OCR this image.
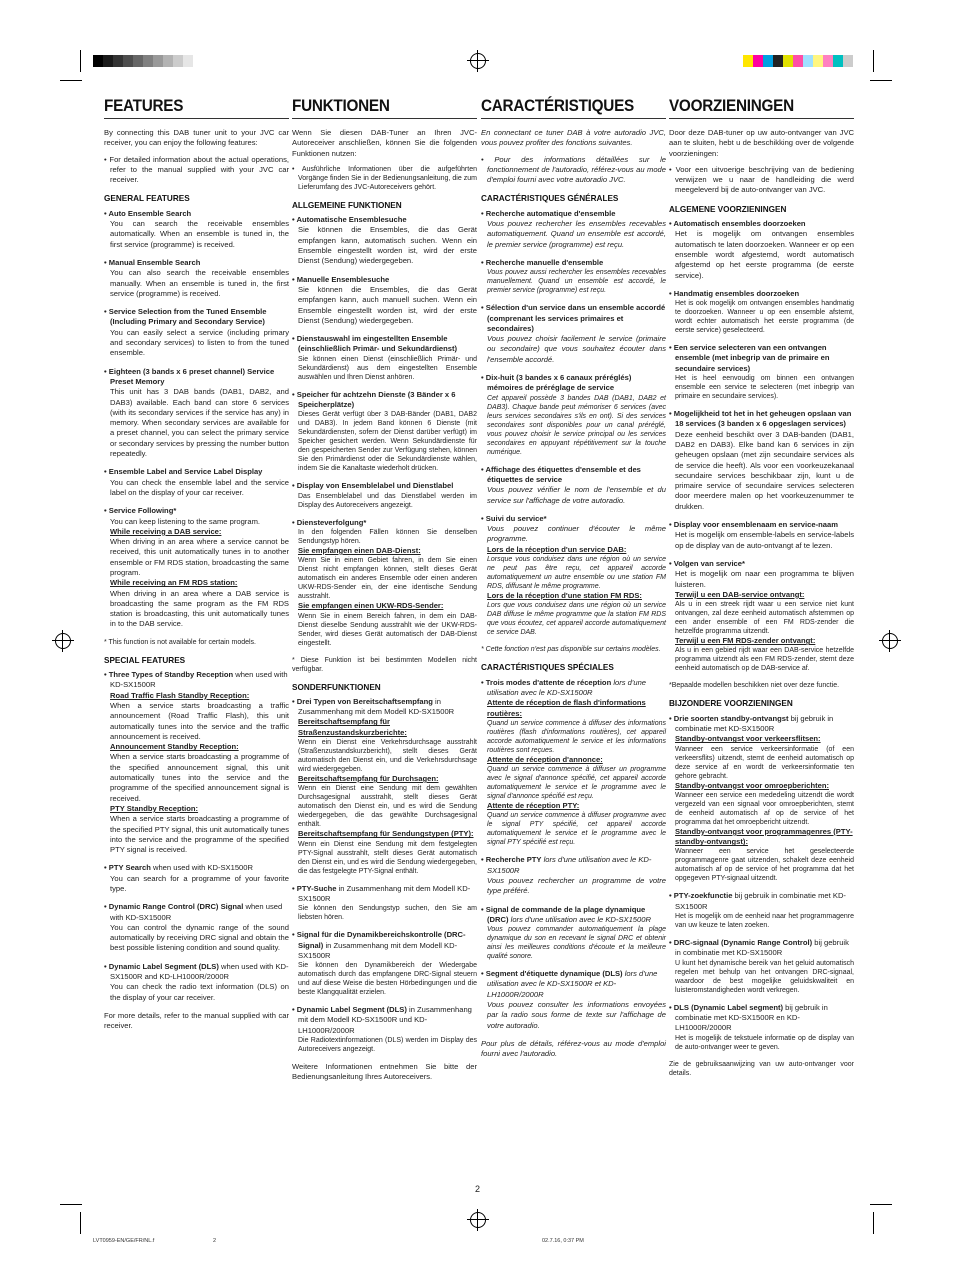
FEATURES

By connecting this DAB tuner unit to your JVC car receiver, you can enjoy the following features:

• For detailed information about the actual operations, refer to the manual supplied with your JVC car receiver.

GENERAL FEATURES
• Auto Ensemble Search
You can search the receivable ensembles automatically. When an ensemble is tuned in, the first service (programme) is received.
• Manual Ensemble Search
You can also search the receivable ensembles manually. When an ensemble is tuned in, the first service (programme) is received.
• Service Selection from the Tuned Ensemble (Including Primary and Secondary Service)
You can easily select a service (including primary and secondary services) to listen to from the tuned ensemble.
• Eighteen (3 bands x 6 preset channel) Service Preset Memory
This unit has 3 DAB bands (DAB1, DAB2, and DAB3) available. Each band can store 6 services (with its secondary services if the service has any) in memory. When secondary services are available for a preset channel, you can select the primary service or secondary services by pressing the number button repeatedly.
• Ensemble Label and Service Label Display
You can check the ensemble label and the service label on the display of your car receiver.
• Service Following*
You can keep listening to the same program.
While receiving a DAB service:
When driving in an area where a service cannot be received, this unit automatically tunes in to another ensemble or FM RDS station, broadcasting the same program.
While receiving an FM RDS station:
When driving in an area where a DAB service is broadcasting the same program as the FM RDS station is broadcasting, this unit automatically tunes in to the DAB service.

* This function is not available for certain models.

SPECIAL FEATURES
• Three Types of Standby Reception when used with KD-SX1500R
Road Traffic Flash Standby Reception:
When a service starts broadcasting a traffic announcement (Road Traffic Flash), this unit automatically tunes into the service and the traffic announcement is received.
Announcement Standby Reception:
When a service starts broadcasting a programme of the specified announcement signal, this unit automatically tunes into the service and the programme of the specified announcement signal is received.
PTY Standby Reception:
When a service starts broadcasting a programme of the specified PTY signal, this unit automatically tunes into the service and the programme of the specified PTY signal is received.
• PTY Search when used with KD-SX1500R
You can search for a programme of your favorite type.
• Dynamic Range Control (DRC) Signal when used with KD-SX1500R
You can control the dynamic range of the sound automatically by receiving DRC signal and obtain the best possible listening condition and sound quality.
• Dynamic Label Segment (DLS) when used with KD-SX1500R and KD-LH1000R/2000R
You can check the radio text information (DLS) on the display of your car receiver.

For more details, refer to the manual supplied with car receiver.

FUNKTIONEN

Wenn Sie diesen DAB-Tuner an Ihren JVC-Autoreceiver anschließen, können Sie die folgenden Funktionen nutzen:

• Ausführliche Informationen über die aufgeführten Vorgänge finden Sie in der Bedienungsanleitung, die zum Lieferumfang des JVC-Autoreceivers gehört.

ALLGEMEINE FUNKTIONEN
• Automatische Ensemblesuche
Sie können die Ensembles, die das Gerät empfangen kann, automatisch suchen. Wenn ein Ensemble eingestellt worden ist, wird der erste Dienst (Sendung) wiedergegeben.
• Manuelle Ensemblesuche
Sie können die Ensembles, die das Gerät empfangen kann, auch manuell suchen. Wenn ein Ensemble eingestellt worden ist, wird der erste Dienst (Sendung) wiedergegeben.
• Dienstauswahl im eingestellten Ensemble (einschließlich Primär- und Sekundärdienst)
Sie können einen Dienst (einschließlich Primär- und Sekundärdienst) aus dem eingestellten Ensemble auswählen und Ihren Dienst anhören.
• Speicher für achtzehn Dienste (3 Bänder x 6 Speicherplätze)
Dieses Gerät verfügt über 3 DAB-Bänder (DAB1, DAB2 und DAB3). In jedem Band können 6 Dienste (mit Sekundärdiensten, sofern der Dienst darüber verfügt) im Speicher gesichert werden. Wenn Sekundärdienste für den gespeicherten Sender zur Verfügung stehen, können Sie den Primärdienst oder die Sekundärdienste wählen, indem Sie die Kanaltaste wiederholt drücken.
• Display von Ensemblelabel und Dienstlabel
Das Ensemblelabel und das Dienstlabel werden im Display des Autoreceivers angezeigt.
• Diensteverfolgung*
In den folgenden Fällen können Sie denselben Sendungstyp hören.
Sie empfangen einen DAB-Dienst:
Wenn Sie in einem Gebiet fahren, in dem Sie einen Dienst nicht empfangen können, stellt dieses Gerät automatisch ein anderes Ensemble oder einen anderen UKW-RDS-Sender ein, der eine identische Sendung ausstrahlt.
Sie empfangen einen UKW-RDS-Sender:
Wenn Sie in einem Bereich fahren, in dem ein DAB-Dienst dieselbe Sendung ausstrahlt wie der UKW-RDS-Sender, wird dieses Gerät automatisch der DAB-Dienst eingestellt.

* Diese Funktion ist bei bestimmten Modellen nicht verfügbar.

SONDERFUNKTIONEN
• Drei Typen von Bereitschaftsempfang in Zusammenhang mit dem Modell KD-SX1500R
Bereitschaftsempfang für Straßenzustandskurzberichte:
Wenn ein Dienst eine Verkehrsdurchsage ausstrahlt (Straßenzustandskurzbericht), stellt dieses Gerät automatisch den Dienst ein, und die Verkehrsdurchsage wird wiedergegeben.
Bereitschaftsempfang für Durchsagen:
Wenn ein Dienst eine Sendung mit dem gewählten Durchsagesignal ausstrahlt, stellt dieses Gerät automatisch den Dienst ein, und es wird die Sendung wiedergegeben, die das gewählte Durchsagesignal enthält.
Bereitschaftsempfang für Sendungstypen (PTY):
Wenn ein Dienst eine Sendung mit dem festgelegten PTY-Signal ausstrahlt, stellt dieses Gerät automatisch den Dienst ein, und es wird die Sendung wiedergegeben, die das festgelegte PTY-Signal enthält.
• PTY-Suche in Zusammenhang mit dem Modell KD-SX1500R
Sie können den Sendungstyp suchen, den Sie am liebsten hören.
• Signal für die Dynamikbereichskontrolle (DRC-Signal) in Zusammenhang mit dem Modell KD-SX1500R
Sie können den Dynamikbereich der Wiedergabe automatisch durch das empfangene DRC-Signal steuern und auf diese Weise die besten Hörbedingungen und die beste Klangqualität erzielen.
• Dynamic Label Segment (DLS) in Zusammenhang mit dem Modell KD-SX1500R und KD-LH1000R/2000R
Die Radiotextinformationen (DLS) werden im Display des Autoreceivers angezeigt.

Weitere Informationen entnehmen Sie bitte der Bedienungsanleitung Ihres Autoreceivers.

CARACTÉRISTIQUES

En connectant ce tuner DAB à votre autoradio JVC, vous pouvez profiter des fonctions suivantes.

• Pour des informations détaillées sur le fonctionnement de l'autoradio, référez-vous au mode d'emploi fourni avec votre autoradio JVC.

CARACTÉRISTIQUES GÉNÉRALES
• Recherche automatique d'ensemble
Vous pouvez rechercher les ensembles recevables automatiquement. Quand un ensemble est accordé, le premier service (programme) est reçu.
• Recherche manuelle d'ensemble
Vous pouvez aussi rechercher les ensembles recevables manuellement. Quand un ensemble est accordé, le premier service (programme) est reçu.
• Sélection d'un service dans un ensemble accordé (comprenant les services primaires et secondaires)
Vous pouvez choisir facilement le service (primaire ou secondaire) que vous souhaitez écouter dans l'ensemble accordé.
• Dix-huit (3 bandes x 6 canaux préréglés) mémoires de préréglage de service
Cet appareil possède 3 bandes DAB (DAB1, DAB2 et DAB3). Chaque bande peut mémoriser 6 services (avec leurs services secondaires s'ils en ont). Si des services secondaires sont disponibles pour un canal préréglé, vous pouvez choisir le service principal ou les services secondaires en appuyant répétitivement sur la touche numérique.
• Affichage des étiquettes d'ensemble et des étiquettes de service
Vous pouvez vérifier le nom de l'ensemble et du service sur l'affichage de votre autoradio.
• Suivi du service*
Vous pouvez continuer d'écouter le même programme.
Lors de la réception d'un service DAB:
Lorsque vous conduisez dans une région où un service ne peut pas être reçu, cet appareil accorde automatiquement un autre ensemble ou une station FM RDS, diffusant le même programme.
Lors de la réception d'une station FM RDS:
Lors que vous conduisez dans une région où un service DAB diffuse le même programme que la station FM RDS que vous écoutez, cet appareil accorde automatiquement ce service DAB.

* Cette fonction n'est pas disponible sur certains modèles.

CARACTÉRISTIQUES SPÉCIALES
• Trois modes d'attente de réception lors d'une utilisation avec le KD-SX1500R
Attente de réception de flash d'informations routières:
Quand un service commence à diffuser des informations routières (flash d'informations routières), cet appareil accorde automatiquement le service et les informations routières sont reçues.
Attente de réception d'annonce:
Quand un service commence à diffuser un programme avec le signal d'annonce spécifié, cet appareil accorde automatiquement le service et le programme avec le signal d'annonce spécifié est reçu.
Attente de réception PTY:
Quand un service commence à diffuser programme avec le signal PTY spécifié, cet appareil accorde automatiquement le service et le programme avec le signal PTY spécifié est reçu.
• Recherche PTY lors d'une utilisation avec le KD-SX1500R
Vous pouvez rechercher un programme de votre type préféré.
• Signal de commande de la plage dynamique (DRC) lors d'une utilisation avec le KD-SX1500R
Vous pouvez commander automatiquement la plage dynamique du son en recevant le signal DRC et obtenir ainsi les meilleures conditions d'écoute et la meilleure qualité sonore.
• Segment d'étiquette dynamique (DLS) lors d'une utilisation avec le KD-SX1500R et KD-LH1000R/2000R
Vous pouvez consulter les informations envoyées par la radio sous forme de texte sur l'affichage de votre autoradio.

Pour plus de détails, référez-vous au mode d'emploi fourni avec l'autoradio.

VOORZIENINGEN

Door deze DAB-tuner op uw auto-ontvanger van JVC aan te sluiten, hebt u de beschikking over de volgende voorzieningen:

• Voor een uitvoerige beschrijving van de bediening verwijzen we u naar de handleiding die werd meegeleverd bij de auto-ontvanger van JVC.

ALGEMENE VOORZIENINGEN
• Automatisch ensembles doorzoeken
Het is mogelijk om ontvangen ensembles automatisch te laten doorzoeken. Wanneer er op een ensemble wordt afgestemd, wordt automatisch afgestemd op het eerste programma (de eerste service).
• Handmatig ensembles doorzoeken
Het is ook mogelijk om ontvangen ensembles handmatig te doorzoeken. Wanneer u op een ensemble afstemt, wordt echter automatisch het eerste programma (de eerste service) geselecteerd.
• Een service selecteren van een ontvangen ensemble (met inbegrip van de primaire en secundaire services)
Het is heel eenvoudig om binnen een ontvangen ensemble een service te selecteren (met inbegrip van primaire en secundaire services).
• Mogelijkheid tot het in het geheugen opslaan van 18 services (3 banden x 6 opgeslagen services)
Deze eenheid beschikt over 3 DAB-banden (DAB1, DAB2 en DAB3). Elke band kan 6 services in zijn geheugen opslaan (met zijn secundaire services als de service die heeft). Als voor een voorkeuzekanaal secundaire services beschikbaar zijn, kunt u de primaire service of secundaire services selecteren door meerdere malen op het voorkeuzenummer te drukken.
• Display voor ensemblenaam en service-naam
Het is mogelijk om ensemble-labels en service-labels op de display van de auto-ontvangt af te lezen.
• Volgen van service*
Het is mogelijk om naar een programma te blijven luisteren.
Terwijl u een DAB-service ontvangt:
Als u in een streek rijdt waar u een service niet kunt ontvangen, zal deze eenheid automatisch afstemmen op een ander ensemble of een FM RDS-zender die hetzelfde programma uitzendt.
Terwijl u een FM RDS-zender ontvangt:
Als u in een gebied rijdt waar een DAB-service hetzelfde programma uitzendt als een FM RDS-zender, stemt deze eenheid automatisch op de DAB-service af.

*Bepaalde modellen beschikken niet over deze functie.

BIJZONDERE VOORZIENINGEN
• Drie soorten standby-ontvangst bij gebruik in combinatie met KD-SX1500R
Standby-ontvangst voor verkeersflitsen:
Wanneer een service verkeersinformatie (of een verkeersflits) uitzendt, stemt de eenheid automatisch op deze service af en wordt de verkeersinformatie ten gehore gebracht.
Standby-ontvangst voor omroepberichten:
Wanneer een service een mededeling uitzendt die wordt vergezeld van een signaal voor omroepberichten, stemt de eenheid automatisch af op de service of het programma dat het omroepbericht uitzendt.
Standby-ontvangst voor programmagenres (PTY-standby-ontvangst):
Wanneer een service het geselecteerde programmagenre gaat uitzenden, schakelt deze eenheid automatisch af op de service of het programma dat het opgegeven PTY-signaal uitzendt.
• PTY-zoekfunctie bij gebruik in combinatie met KD-SX1500R
Het is mogelijk om de eenheid naar het programmagenre van uw keuze te laten zoeken.
• DRC-signaal (Dynamic Range Control) bij gebruik in combinatie met KD-SX1500R
U kunt het dynamische bereik van het geluid automatisch regelen met behulp van het ontvangen DRC-signaal, waardoor de best mogelijke geluidskwaliteit en luisteromstandigheden wordt verkregen.
• DLS (Dynamic Label segment) bij gebruik in combinatie met KD-SX1500R en KD-LH1000R/2000R
Het is mogelijk de tekstuele informatie op de display van de auto-ontvanger weer te geven.

Zie de gebruiksaanwijzing van uw auto-ontvanger voor details.

2
LVT0959-EN/GE/FR/NL.f	2	02.7.16, 0:37 PM
